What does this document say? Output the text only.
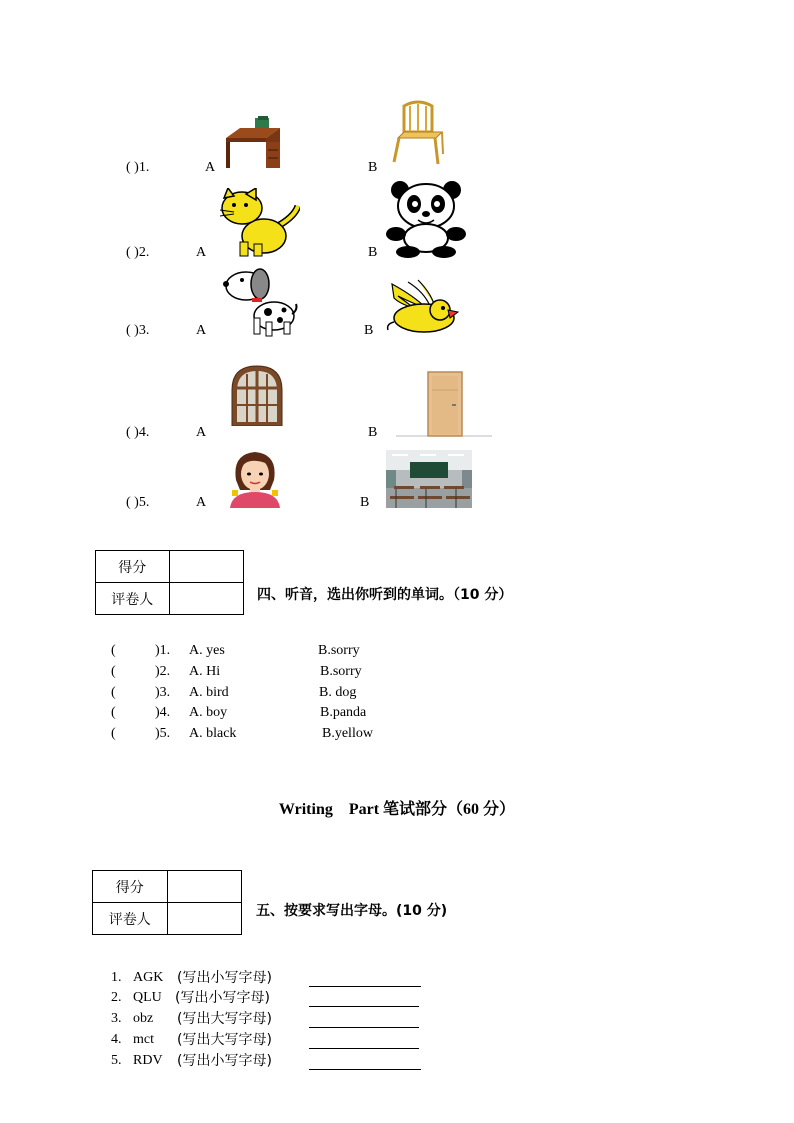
( )1.	A	B
( )2.	A	B
( )3.	A	B
( )4.	A	B
( )5.	A	B
得分	
评卷人		四、听音，选出你听到的单词。（10 分）
(	)1. A. yes	B.sorry
(	)2. A. Hi	B.sorry
(	)3. A. bird	B. dog
(	)4. A. boy	B.panda
(	)5. A. black	B.yellow
Writing    Part 笔试部分（60 分）
得分	
评卷人	
五、按要求写出字母。(10 分)
1. AGK (写出小写字母)
2. QLU (写出小写字母)
3. obz (写出大写字母)
4. mct (写出大写字母)
5. RDV (写出小写字母)
